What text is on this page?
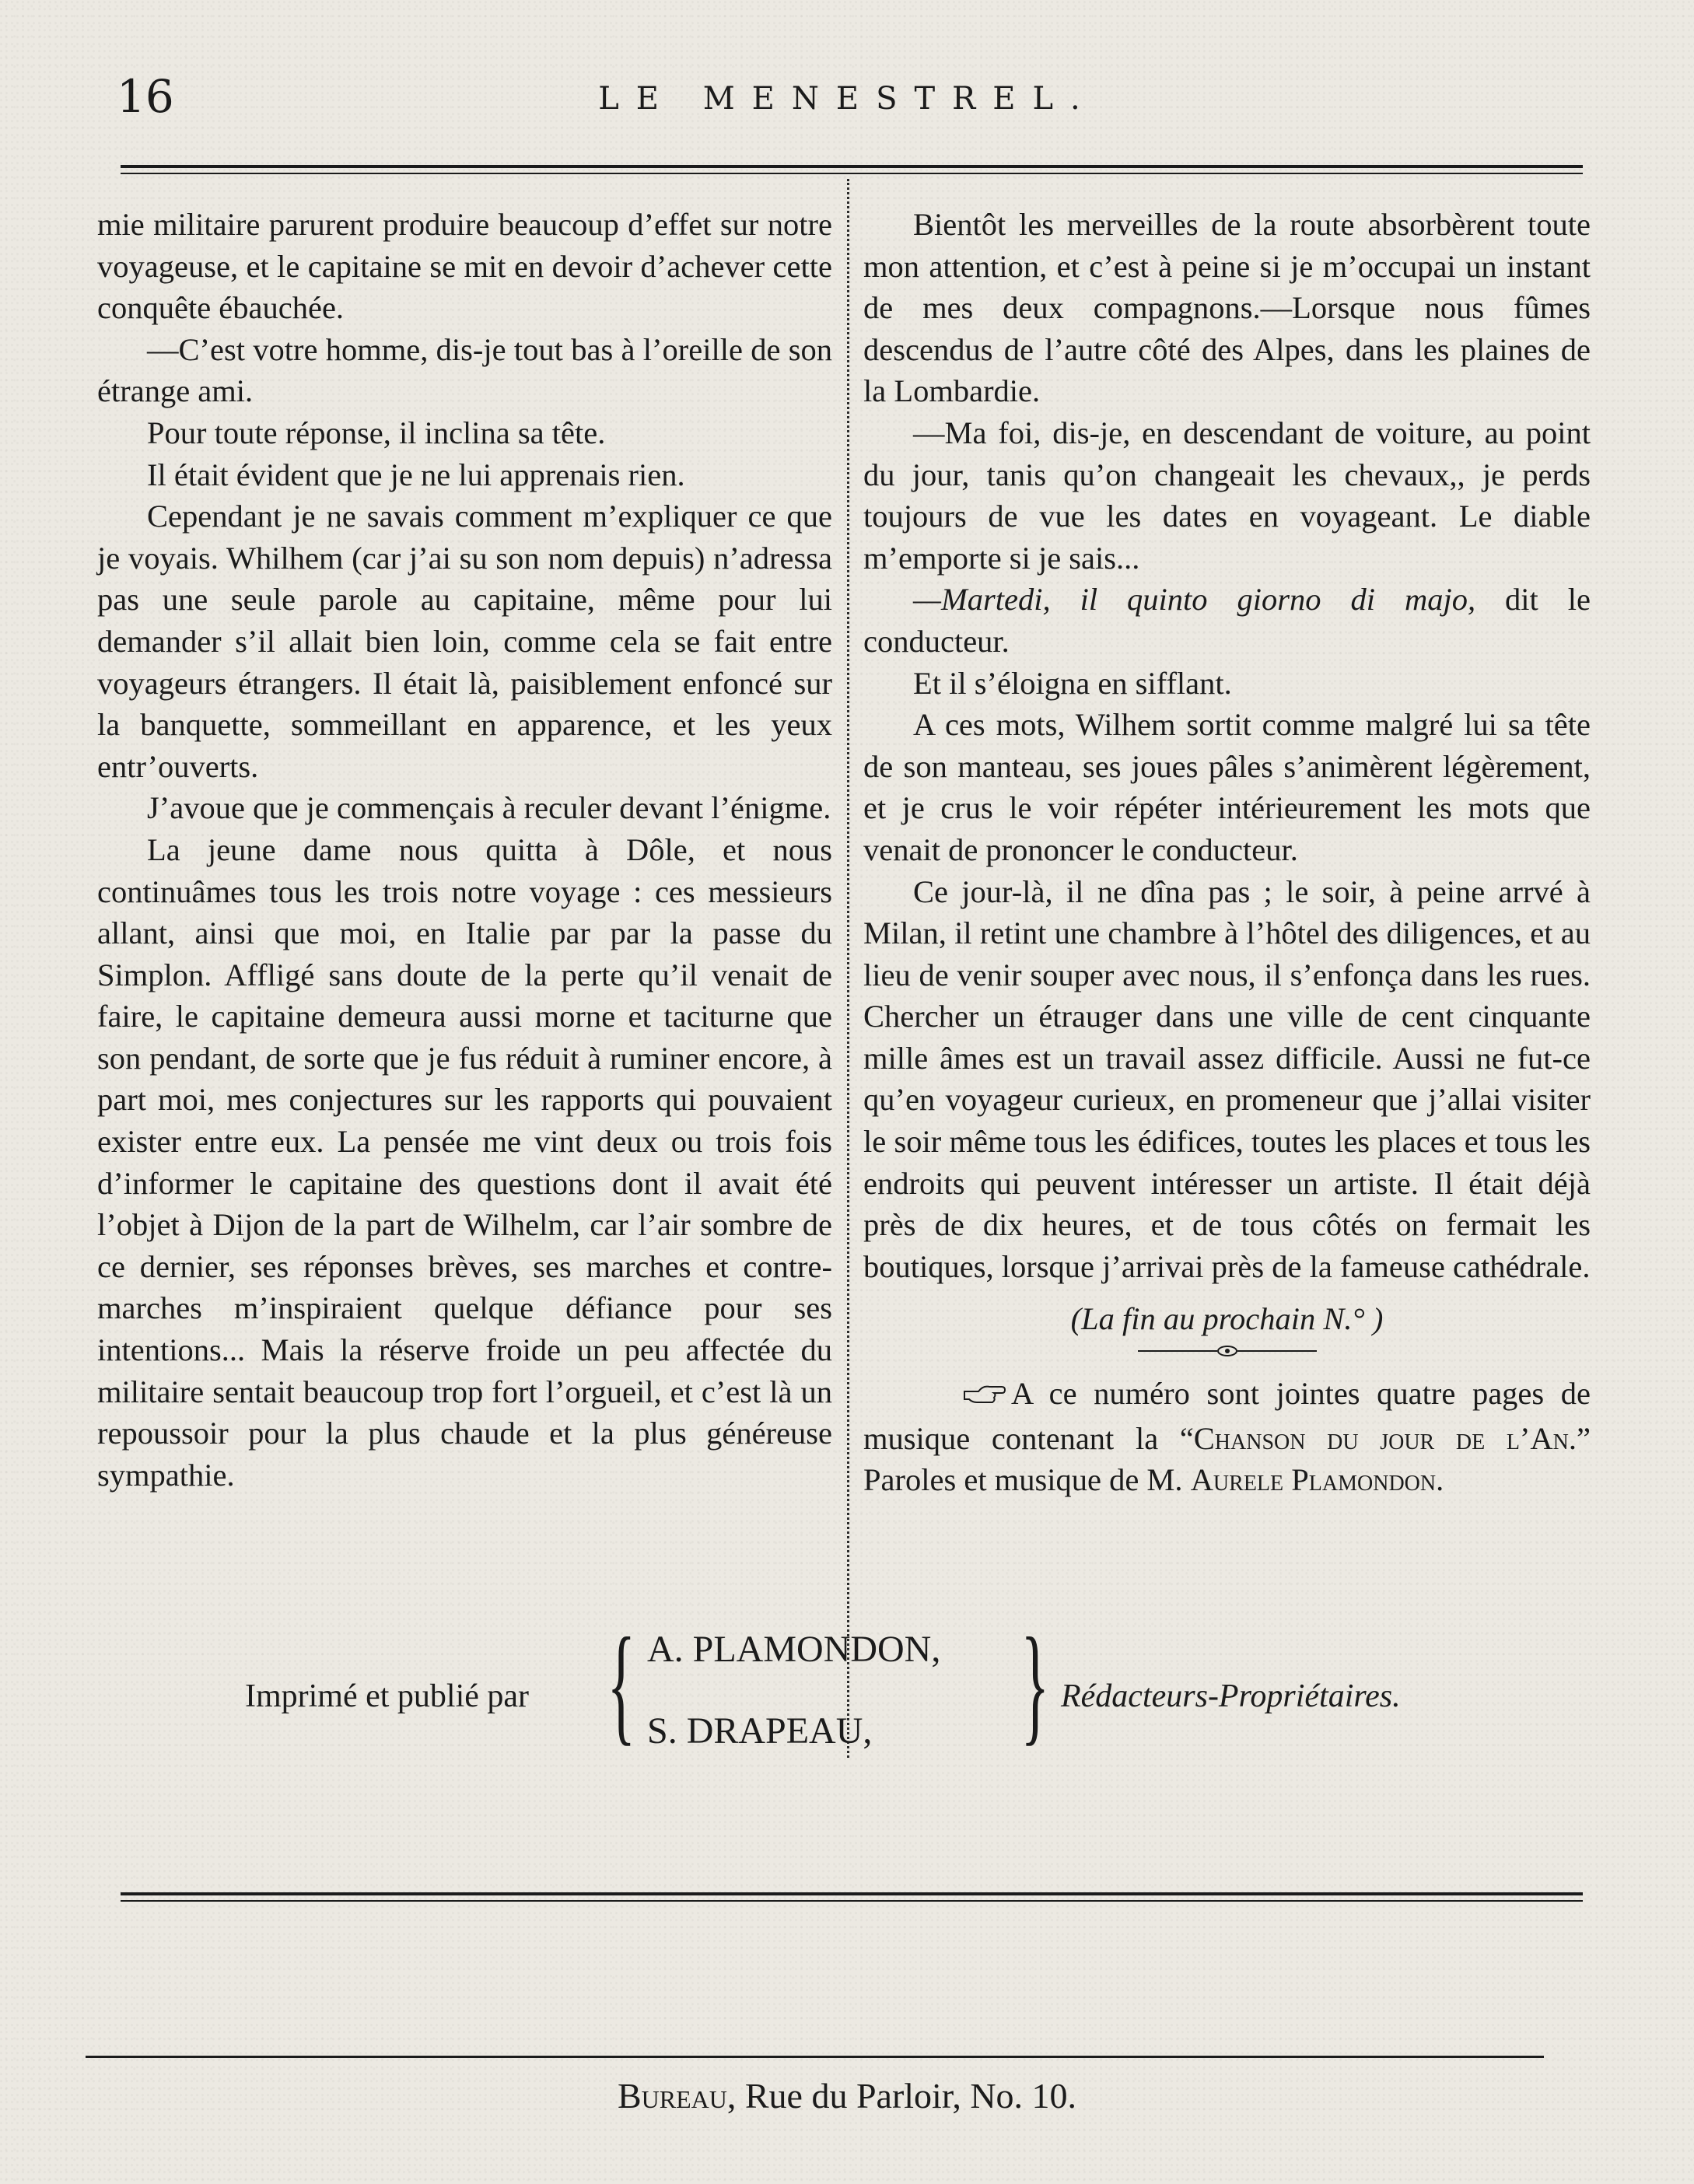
16	LE MENESTREL.

mie militaire parurent produire beaucoup d’effet sur notre voyageuse, et le capitaine se mit en devoir d’achever cette conquête ébauchée.

—C’est votre homme, dis-je tout bas à l’oreille de son étrange ami.

Pour toute réponse, il inclina sa tête.

Il était évident que je ne lui apprenais rien.

Cependant je ne savais comment m’expliquer ce que je voyais. Whilhem (car j’ai su son nom depuis) n’adressa pas une seule parole au capitaine, même pour lui demander s’il allait bien loin, comme cela se fait entre voyageurs étrangers. Il était là, paisiblement enfoncé sur la banquette, sommeillant en apparence, et les yeux entr’ouverts.

J’avoue que je commençais à reculer devant l’énigme.

La jeune dame nous quitta à Dôle, et nous continuâmes tous les trois notre voyage : ces messieurs allant, ainsi que moi, en Italie par par la passe du Simplon. Affligé sans doute de la perte qu’il venait de faire, le capitaine demeura aussi morne et taciturne que son pendant, de sorte que je fus réduit à ruminer encore, à part moi, mes conjectures sur les rapports qui pouvaient exister entre eux. La pensée me vint deux ou trois fois d’informer le capitaine des questions dont il avait été l’objet à Dijon de la part de Wilhelm, car l’air sombre de ce dernier, ses réponses brèves, ses marches et contre-marches m’inspiraient quelque défiance pour ses intentions... Mais la réserve froide un peu affectée du militaire sentait beaucoup trop fort l’orgueil, et c’est là un repoussoir pour la plus chaude et la plus généreuse sympathie.

Bientôt les merveilles de la route absorbèrent toute mon attention, et c’est à peine si je m’occupai un instant de mes deux compagnons.—Lorsque nous fûmes descendus de l’autre côté des Alpes, dans les plaines de la Lombardie.

—Ma foi, dis-je, en descendant de voiture, au point du jour, tanis qu’on changeait les chevaux,, je perds toujours de vue les dates en voyageant. Le diable m’emporte si je sais...

—Martedi, il quinto giorno di majo, dit le conducteur.

Et il s’éloigna en sifflant.

A ces mots, Wilhem sortit comme malgré lui sa tête de son manteau, ses joues pâles s’animèrent légèrement, et je crus le voir répéter intérieurement les mots que venait de prononcer le conducteur.

Ce jour-là, il ne dîna pas ; le soir, à peine arrvé à Milan, il retint une chambre à l’hôtel des diligences, et au lieu de venir souper avec nous, il s’enfonça dans les rues. Chercher un étrauger dans une ville de cent cinquante mille âmes est un travail assez difficile. Aussi ne fut-ce qu’en voyageur curieux, en promeneur que j’allai visiter le soir même tous les édifices, toutes les places et tous les endroits qui peuvent intéresser un artiste. Il était déjà près de dix heures, et de tous côtés on fermait les boutiques, lorsque j’arrivai près de la fameuse cathédrale.

(La fin au prochain N.° )

A ce numéro sont jointes quatre pages de musique contenant la “Chanson du jour de l’An.” Paroles et musique de M. Aurele Plamondon.

Imprimé et publié par { A. PLAMONDON,
S. DRAPEAU, } Rédacteurs-Propriétaires.
Bureau, Rue du Parloir, No. 10.
